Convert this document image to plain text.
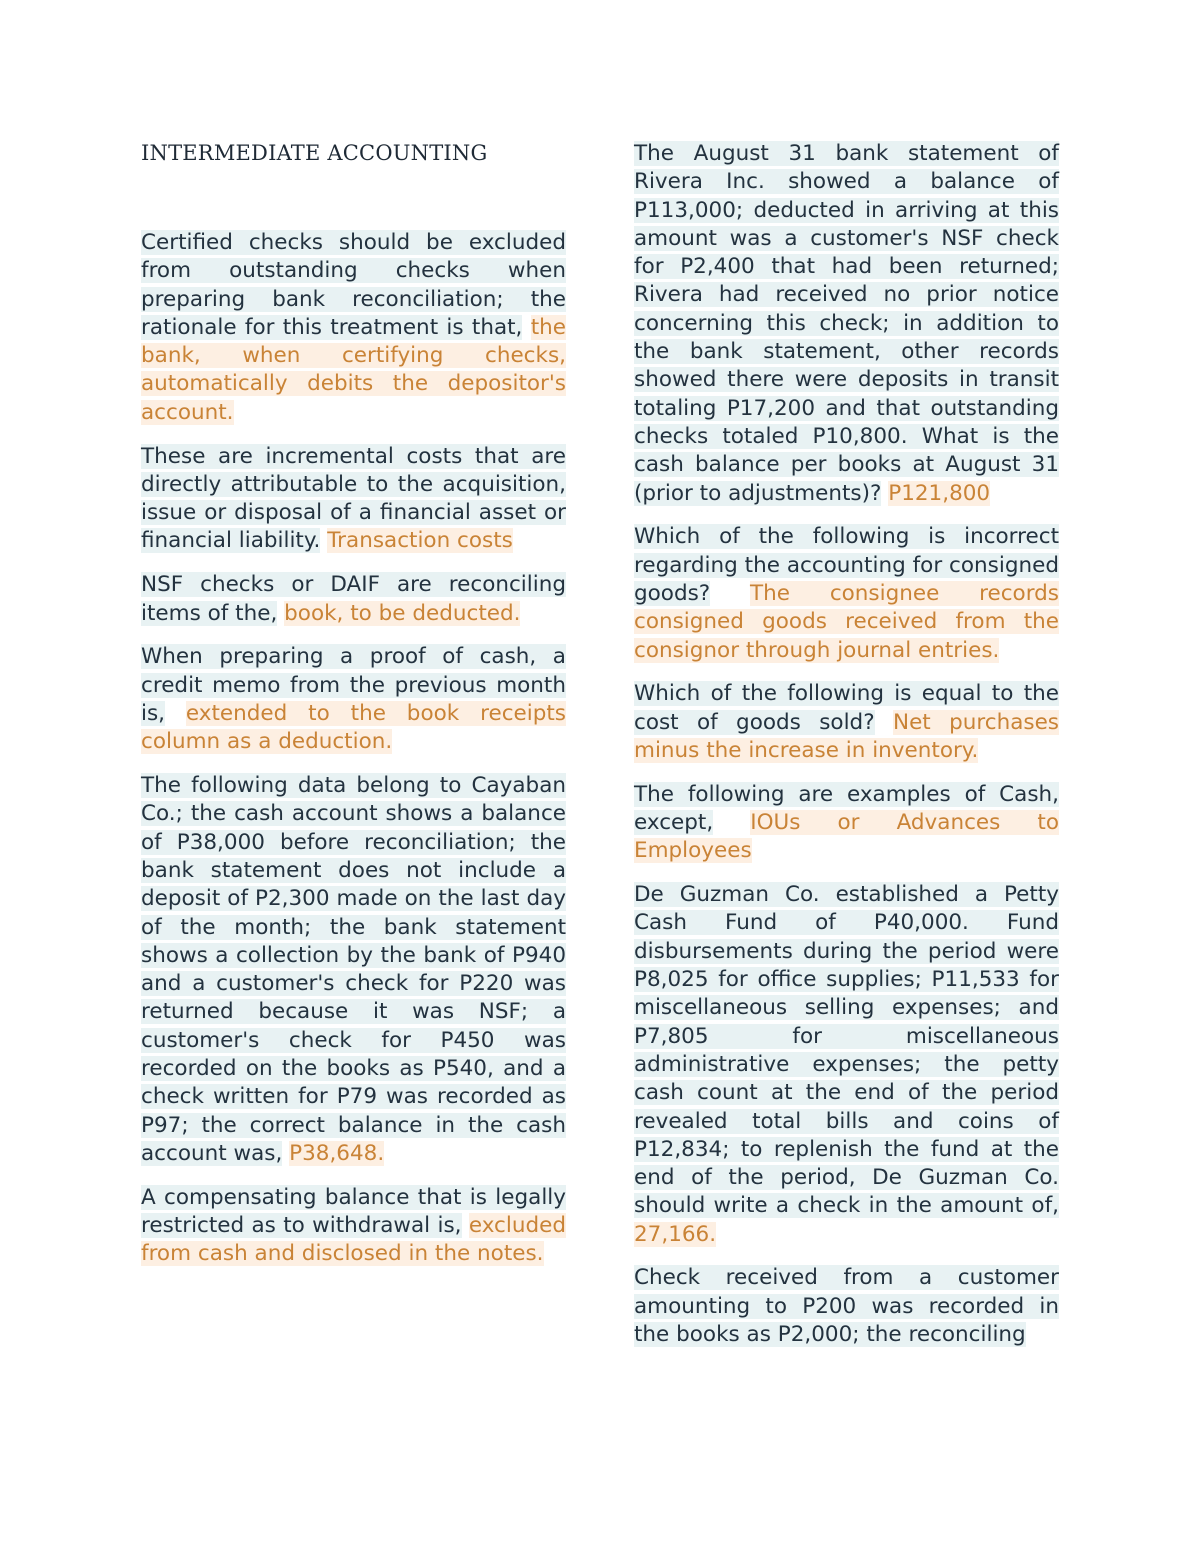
INTERMEDIATE ACCOUNTING

Certified checks should be excluded from outstanding checks when preparing bank reconciliation; the rationale for this treatment is that, the bank, when certifying checks, automatically debits the depositor's account.

These are incremental costs that are directly attributable to the acquisition, issue or disposal of a financial asset or financial liability. Transaction costs

NSF checks or DAIF are reconciling items of the, book, to be deducted.

When preparing a proof of cash, a credit memo from the previous month is, extended to the book receipts column as a deduction.

The following data belong to Cayaban Co.; the cash account shows a balance of P38,000 before reconciliation; the bank statement does not include a deposit of P2,300 made on the last day of the month; the bank statement shows a collection by the bank of P940 and a customer's check for P220 was returned because it was NSF; a customer's check for P450 was recorded on the books as P540, and a check written for P79 was recorded as P97; the correct balance in the cash account was, P38,648.

A compensating balance that is legally restricted as to withdrawal is, excluded from cash and disclosed in the notes.

The August 31 bank statement of Rivera Inc. showed a balance of P113,000; deducted in arriving at this amount was a customer's NSF check for P2,400 that had been returned; Rivera had received no prior notice concerning this check; in addition to the bank statement, other records showed there were deposits in transit totaling P17,200 and that outstanding checks totaled P10,800. What is the cash balance per books at August 31 (prior to adjustments)? P121,800

Which of the following is incorrect regarding the accounting for consigned goods? The consignee records consigned goods received from the consignor through journal entries.

Which of the following is equal to the cost of goods sold? Net purchases minus the increase in inventory.

The following are examples of Cash, except, IOUs or Advances to Employees

De Guzman Co. established a Petty Cash Fund of P40,000. Fund disbursements during the period were P8,025 for office supplies; P11,533 for miscellaneous selling expenses; and P7,805 for miscellaneous administrative expenses; the petty cash count at the end of the period revealed total bills and coins of P12,834; to replenish the fund at the end of the period, De Guzman Co. should write a check in the amount of, 27,166.

Check received from a customer amounting to P200 was recorded in the books as P2,000; the reconciling
